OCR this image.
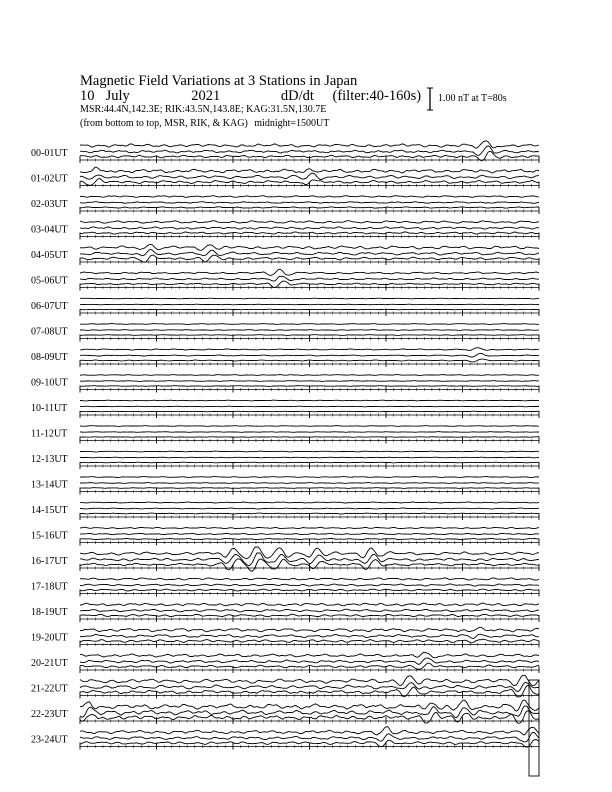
Magnetic Field Variations at 3 Stations in Japan
10 July	2021	dD/dt (filter:40-160s)
MSR:44.4N,142.3E; RIK:43.5N,143.8E; KAG:31.5N,130.7E
(from bottom to top, MSR, RIK, & KAG) midnight=1500UT
1.00 nT at T=80s
00-01UT
01-02UT
02-03UT
03-04UT
04-05UT
05-06UT
06-07UT
07-08UT
08-09UT
09-10UT
10-11UT
11-12UT
12-13UT
13-14UT
14-15UT
15-16UT
16-17UT
17-18UT
18-19UT
19-20UT
20-21UT
21-22UT
22-23UT
23-24UT
